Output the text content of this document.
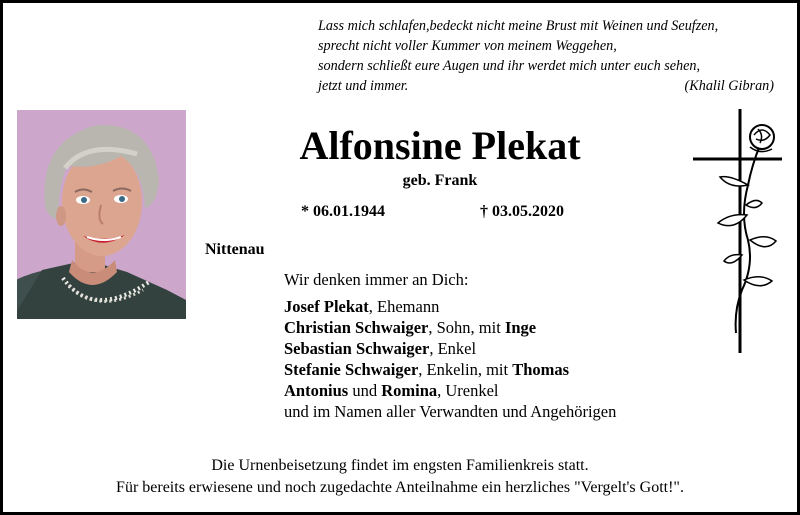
Lass mich schlafen,bedeckt nicht meine Brust mit Weinen und Seufzen,
sprecht nicht voller Kummer von meinem Weggehen,
sondern schließt eure Augen und ihr werdet mich unter euch sehen,
jetzt und immer.	(Khalil Gibran)
Alfonsine Plekat
geb. Frank
* 06.01.1944	† 03.05.2020
Nittenau
Wir denken immer an Dich:
Josef Plekat, Ehemann
Christian Schwaiger, Sohn, mit Inge
Sebastian Schwaiger, Enkel
Stefanie Schwaiger, Enkelin, mit Thomas
Antonius und Romina, Urenkel
und im Namen aller Verwandten und Angehörigen
Die Urnenbeisetzung findet im engsten Familienkreis statt.
Für bereits erwiesene und noch zugedachte Anteilnahme ein herzliches "Vergelt's Gott!".
